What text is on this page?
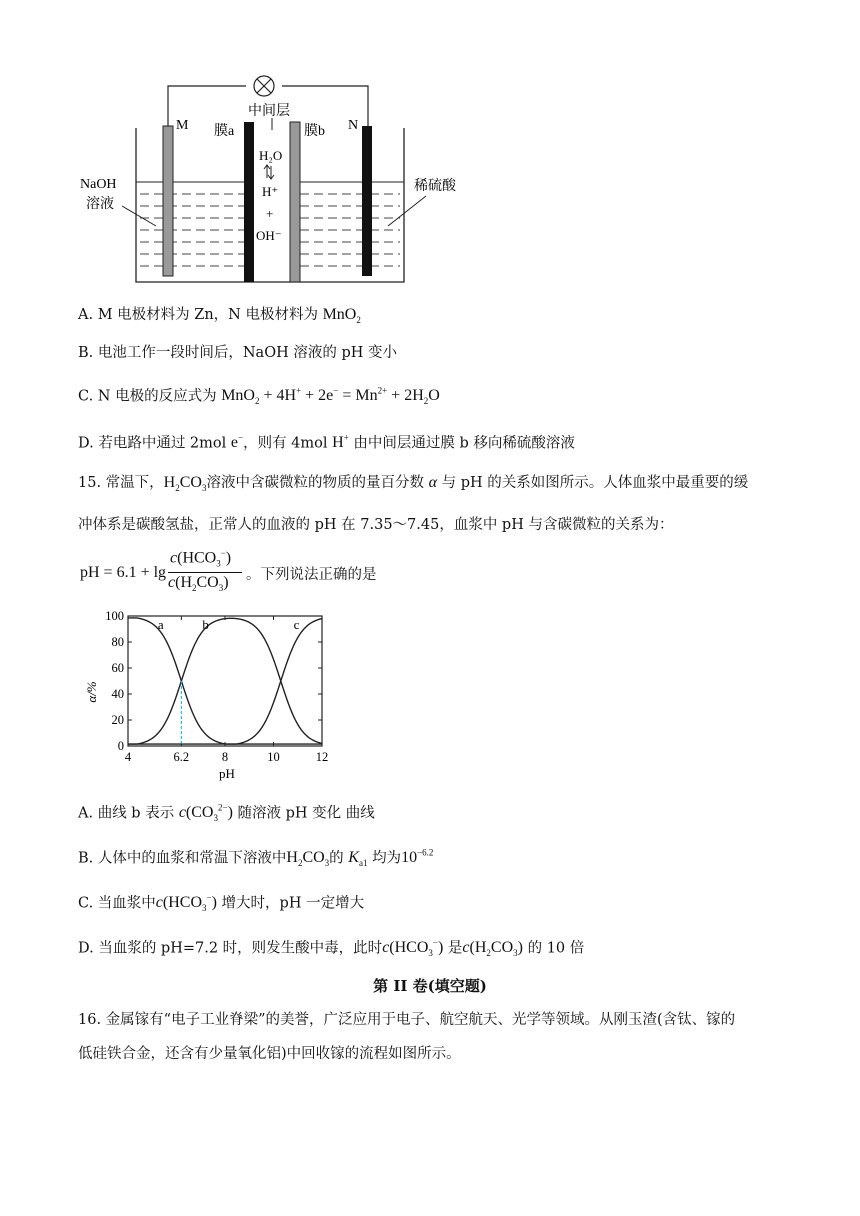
M	N
中间层
膜a	膜b
H₂O
H⁺
+
OH⁻
NaOH
溶液
稀硫酸
A. M 电极材料为 Zn，N 电极材料为 MnO$_2$
B. 电池工作一段时间后，NaOH 溶液的 pH 变小
C. N 电极的反应式为 $MnO_2 + 4H^+ + 2e^- = Mn^{2+} + 2H_2O$
D. 若电路中通过 2mol e−，则有 4mol H+ 由中间层通过膜 b 移向稀硫酸溶液
15. 常温下，$H_2CO_3$溶液中含碳微粒的物质的量百分数 α 与 pH 的关系如图所示。人体血浆中最重要的缓
冲体系是碳酸氢盐，正常人的血液的 pH 在 7.35～7.45，血浆中 pH 与含碳微粒的关系为：
pH = 6.1 + lg
$c(HCO_3^-)$
$c(H_2CO_3)$ 。下列说法正确的是
0
20
40
60
80
100
4	6.2	8	10	12
a	b	c
α/%
pH
A. 曲线 b 表示 $c(CO_3^{2-})$ 随溶液 pH 变化 曲线
B. 人体中的血浆和常温下溶液中$H_2CO_3$的 $K_{a1}$ 均为$10^{-6.2}$
C. 当血浆中$c(HCO_3^-)$ 增大时，pH 一定增大
D. 当血浆的 pH=7.2 时，则发生酸中毒，此时$c(HCO_3^-)$ 是$c(H_2CO_3)$ 的 10 倍
第 II 卷(填空题)
16. 金属镓有“电子工业脊梁”的美誉，广泛应用于电子、航空航天、光学等领域。从刚玉渣(含钛、镓的
低硅铁合金，还含有少量氧化铝)中回收镓的流程如图所示。
